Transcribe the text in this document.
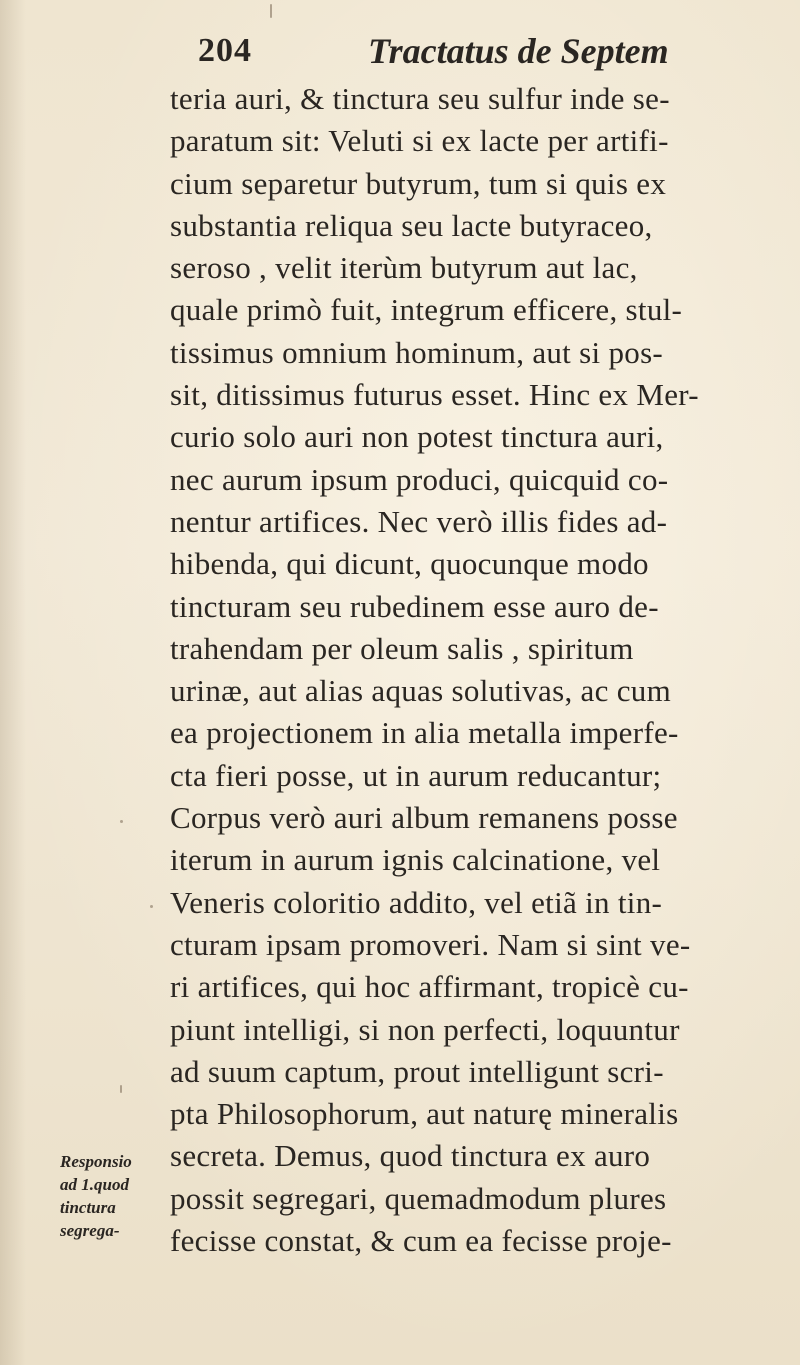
204	Tractatus de Septem
teria auri, & tinctura seu sulfur inde se-
paratum sit: Veluti si ex lacte per artifi-
cium separetur butyrum, tum si quis ex
substantia reliqua seu lacte butyraceo,
seroso , velit iterùm butyrum aut lac,
quale primò fuit, integrum efficere, stul-
tissimus omnium hominum, aut si pos-
sit, ditissimus futurus esset. Hinc ex Mer-
curio solo auri non potest tinctura auri,
nec aurum ipsum produci, quicquid co-
nentur artifices. Nec verò illis fides ad-
hibenda, qui dicunt, quocunque modo
tincturam seu rubedinem esse auro de-
trahendam per oleum salis , spiritum
urinæ, aut alias aquas solutivas, ac cum
ea projectionem in alia metalla imperfe-
cta fieri posse, ut in aurum reducantur;
Corpus verò auri album remanens posse
iterum in aurum ignis calcinatione, vel
Veneris coloritio addito, vel etiã in tin-
cturam ipsam promoveri. Nam si sint ve-
ri artifices, qui hoc affirmant, tropicè cu-
piunt intelligi, si non perfecti, loquuntur
ad suum captum, prout intelligunt scri-
pta Philosophorum, aut naturę mineralis
secreta. Demus, quod tinctura ex auro
possit segregari, quemadmodum plures
fecisse constat, & cum ea fecisse proje-
Responsio
ad 1.quod
tinctura
segrega-
